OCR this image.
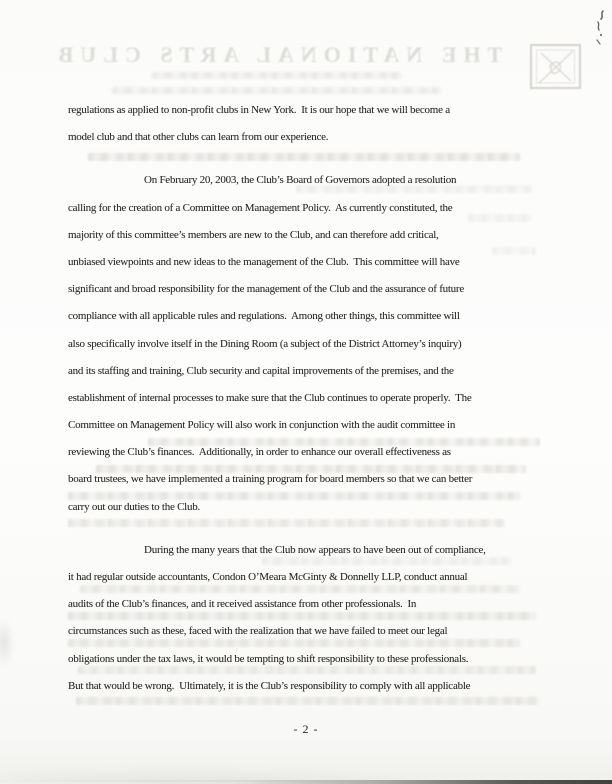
THE NATIONAL ARTS CLUB
regulations as applied to non-profit clubs in New York.  It is our hope that we will become a
model club and that other clubs can learn from our experience.
On February 20, 2003, the Club’s Board of Governors adopted a resolution
calling for the creation of a Committee on Management Policy.  As currently constituted, the
majority of this committee’s members are new to the Club, and can therefore add critical,
unbiased viewpoints and new ideas to the management of the Club.  This committee will have
significant and broad responsibility for the management of the Club and the assurance of future
compliance with all applicable rules and regulations.  Among other things, this committee will
also specifically involve itself in the Dining Room (a subject of the District Attorney’s inquiry)
and its staffing and training, Club security and capital improvements of the premises, and the
establishment of internal processes to make sure that the Club continues to operate properly.  The
Committee on Management Policy will also work in conjunction with the audit committee in
reviewing the Club’s finances.  Additionally, in order to enhance our overall effectiveness as
board trustees, we have implemented a training program for board members so that we can better
carry out our duties to the Club.
During the many years that the Club now appears to have been out of compliance,
it had regular outside accountants, Condon O’Meara McGinty & Donnelly LLP, conduct annual
audits of the Club’s finances, and it received assistance from other professionals.  In
circumstances such as these, faced with the realization that we have failed to meet our legal
obligations under the tax laws, it would be tempting to shift responsibility to these professionals.
But that would be wrong.  Ultimately, it is the Club’s responsibility to comply with all applicable
- 2 -
